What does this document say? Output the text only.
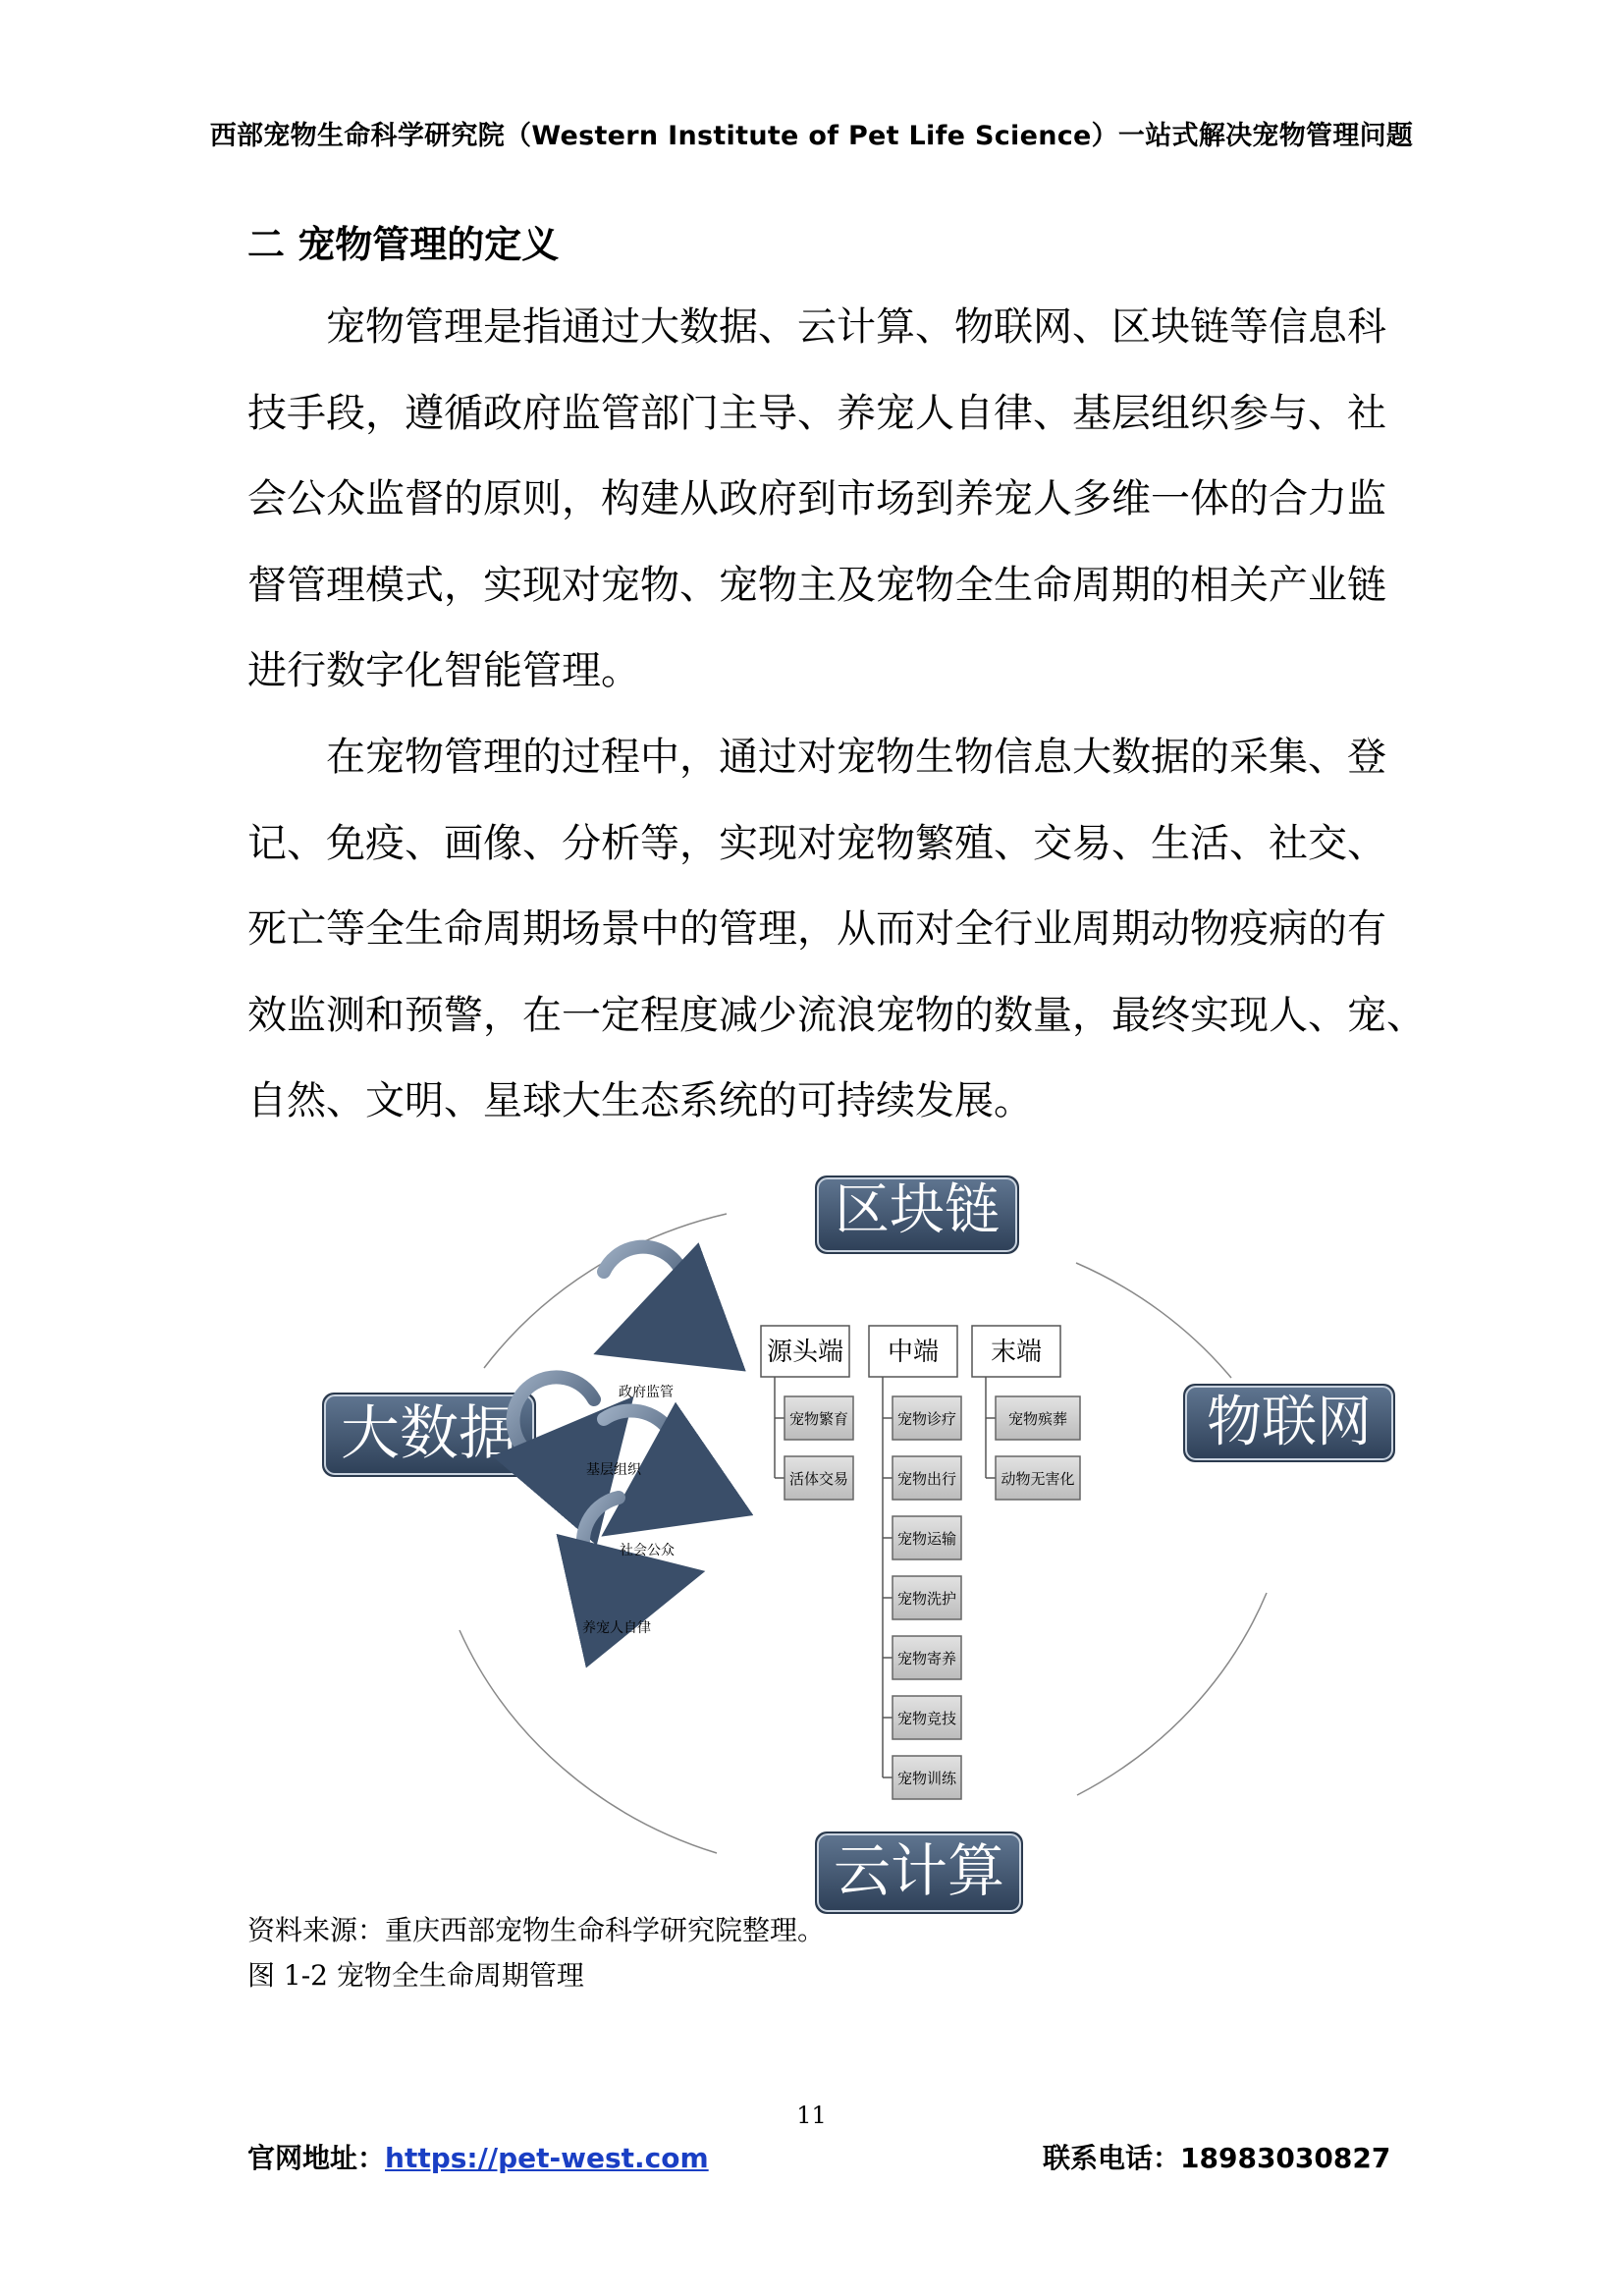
西部宠物生命科学研究院（Western Institute of Pet Life Science）一站式解决宠物管理问题
二 宠物管理的定义
宠物管理是指通过大数据、云计算、物联网、区块链等信息科
技手段，遵循政府监管部门主导、养宠人自律、基层组织参与、社
会公众监督的原则，构建从政府到市场到养宠人多维一体的合力监
督管理模式，实现对宠物、宠物主及宠物全生命周期的相关产业链
进行数字化智能管理。
在宠物管理的过程中，通过对宠物生物信息大数据的采集、登
记、免疫、画像、分析等，实现对宠物繁殖、交易、生活、社交、
死亡等全生命周期场景中的管理，从而对全行业周期动物疫病的有
效监测和预警，在一定程度减少流浪宠物的数量，最终实现人、宠、
自然、文明、星球大生态系统的可持续发展。
区块链
大数据	物联网
云计算
政府监管
基层组织
社会公众
养宠人自律
源头端
宠物繁育
活体交易
中端
宠物诊疗
宠物出行
宠物运输
宠物洗护
宠物寄养
宠物竞技
宠物训练
末端
宠物殡葬
动物无害化
资料来源：重庆西部宠物生命科学研究院整理。
图 1-2 宠物全生命周期管理
11
官网地址：https://pet-west.com	联系电话：18983030827
